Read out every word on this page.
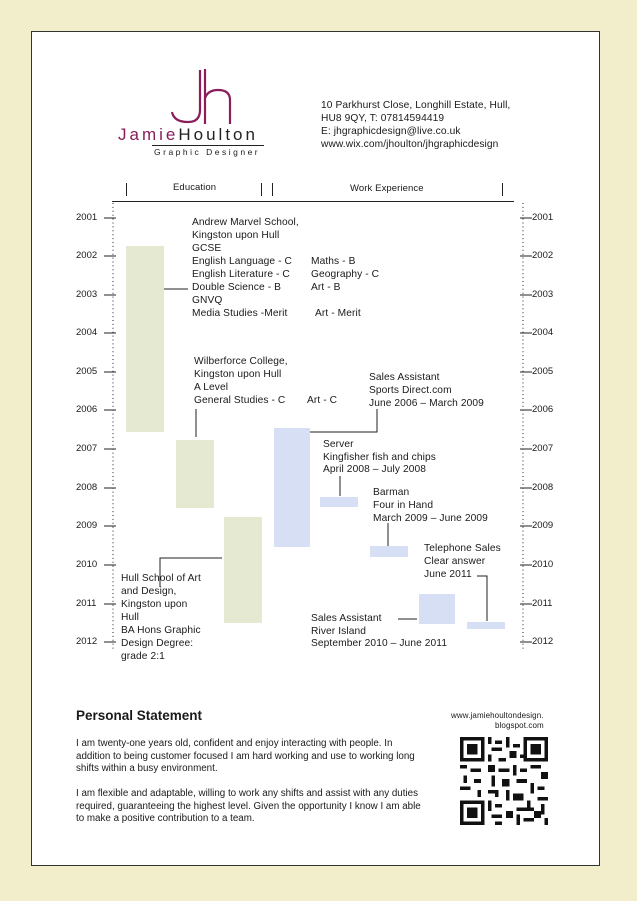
JamieHoulton
Graphic Designer
10 Parkhurst Close, Longhill Estate, Hull,
HU8 9QY, T: 07814594419
E: jhgraphicdesign@live.co.uk
www.wix.com/jhoulton/jhgraphicdesign
Education	Work Experience
2001
2002
2003
2004
2005
2006
2007
2008
2009
2010
2011
2012
2001
2002
2003
2004
2005
2006
2007
2008
2009
2010
2011
2012
Andrew Marvel School,
Kingston upon Hull
GCSE
English Language - C
English Literature - C
Double Science - B
GNVQ
Media Studies -Merit
Maths - B
Geography - C
Art - B
Art - Merit
Wilberforce College,
Kingston upon Hull
A Level
General Studies - C Art - C
Hull School of Art
and Design,
Kingston upon
Hull
BA Hons Graphic
Design Degree:
grade 2:1
Sales Assistant
Sports Direct.com
June 2006 – March 2009
Server
Kingfisher fish and chips
April 2008 – July 2008
Barman
Four in Hand
March 2009 – June 2009
Telephone Sales
Clear answer
June 2011
Sales Assistant
River Island
September 2010 – June 2011
Personal Statement
I am twenty-one years old, confident and enjoy interacting with people. In addition to being customer focused I am hard working and use to working long shifts within a busy environment.
I am flexible and adaptable, willing to work any shifts and assist with any duties required, guaranteeing the highest level. Given the opportunity I know I am able to make a positive contribution to a team.
www.jamiehoultondesign.
blogspot.com
